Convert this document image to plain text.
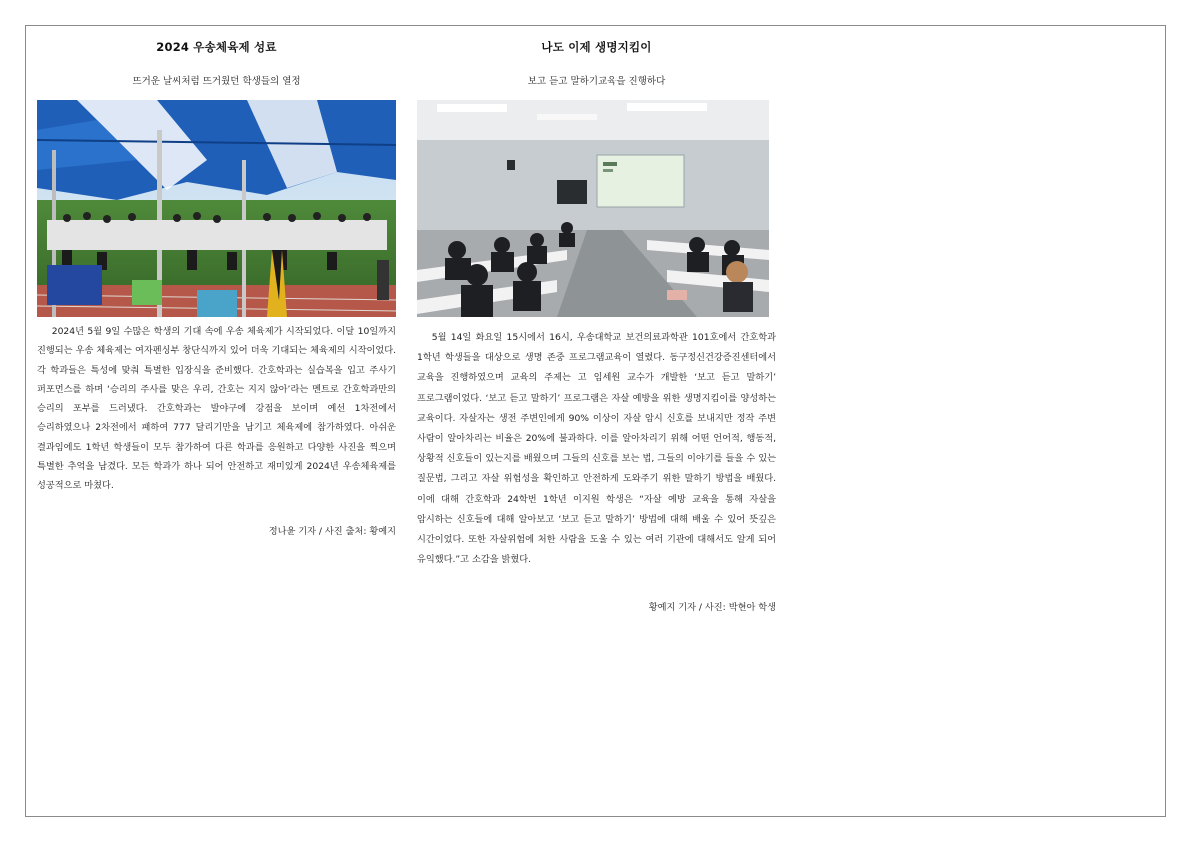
2024 우송체육제 성료
뜨거운 날씨처럼 뜨거웠던 학생들의 열정

2024년 5월 9일 수많은 학생의 기대 속에 우송 체육제가 시작되었다. 이달 10일까지 진행되는 우송 체육제는 여자펜싱부 창단식까지 있어 더욱 기대되는 체육제의 시작이었다. 각 학과들은 특성에 맞춰 특별한 입장식을 준비했다. 간호학과는 실습복을 입고 주사기 퍼포먼스를 하며 ‘승리의 주사를 맞은 우리, 간호는 지지 않아’라는 멘트로 간호학과만의 승리의 포부를 드러냈다. 간호학과는 발야구에 강점을 보이며 예선 1차전에서 승리하였으나 2차전에서 패하여 777 달리기만을 남기고 체육제에 참가하였다. 아쉬운 결과임에도 1학년 학생들이 모두 참가하여 다른 학과를 응원하고 다양한 사진을 찍으며 특별한 추억을 남겼다. 모든 학과가 하나 되어 안전하고 재미있게 2024년 우송체육제를 성공적으로 마쳤다.

정나윤 기자 / 사진 출처: 황예지
나도 이제 생명지킴이
보고 듣고 말하기교육을 진행하다

5월 14일 화요일 15시에서 16시, 우송대학교 보건의료과학관 101호에서 간호학과 1학년 학생들을 대상으로 생명 존중 프로그램교육이 열렸다. 동구정신건강증진센터에서 교육을 진행하였으며 교육의 주제는 고 임세원 교수가 개발한 ‘보고 듣고 말하기’ 프로그램이었다. ‘보고 듣고 말하기’ 프로그램은 자살 예방을 위한 생명지킴이를 양성하는 교육이다. 자살자는 생전 주변인에게 90% 이상이 자살 암시 신호를 보내지만 정작 주변 사람이 알아차리는 비율은 20%에 불과하다. 이를 알아차리기 위해 어떤 언어적, 행동적, 상황적 신호들이 있는지를 배웠으며 그들의 신호를 보는 법, 그들의 이야기를 들을 수 있는 질문법, 그리고 자살 위험성을 확인하고 안전하게 도와주기 위한 말하기 방법을 배웠다. 이에 대해 간호학과 24학번 1학년 이지원 학생은 “자살 예방 교육을 통해 자살을 암시하는 신호들에 대해 알아보고 ‘보고 듣고 말하기’ 방법에 대해 배울 수 있어 뜻깊은 시간이었다. 또한 자살위험에 처한 사람을 도울 수 있는 여러 기관에 대해서도 알게 되어 유익했다.”고 소감을 밝혔다.

황예지 기자 / 사진: 박현아 학생
